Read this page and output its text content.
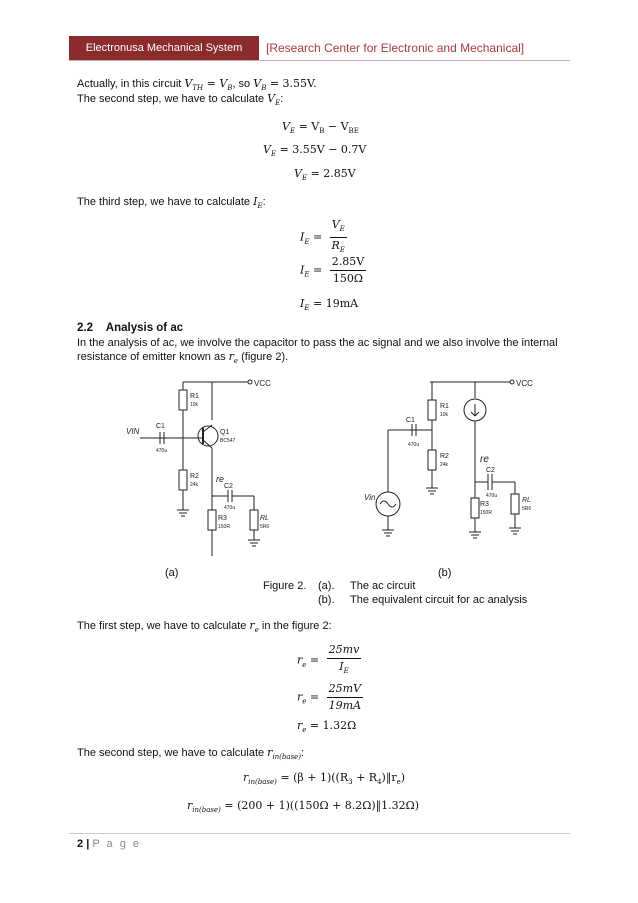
Electronusa Mechanical System	[Research Center for Electronic and Mechanical]
Actually, in this circuit $V_{TH} = V_B$, so $V_B = 3.55V$.
The second step, we have to calculate $V_E$:
$V_E = V_B - V_{BE}$
$V_E = 3.55V - 0.7V$
$V_E = 2.85V$
The third step, we have to calculate $I_E$:
$I_E = \frac{V_E}{R_E}$
$I_E = \frac{2.85V}{150\Omega}$
$I_E = 19mA$
2.2 Analysis of ac
In the analysis of ac, we involve the capacitor to pass the ac signal and we also involve the internal
resistance of emitter known as $r_e$ (figure 2).
VCC
VIN
C1
470u
R1
10k
Q1
BC547
R2
24k
re
C2
470u
R3
150R
RL
5R6
VCC
Vin
C1
470u
R1
10k
R2
24k	re
C2
470u
R3
150R
RL
5R6
(a)	(b)
Figure 2. (a). The ac circuit
(b). The equivalent circuit for ac analysis
The first step, we have to calculate $r_e$ in the figure 2:
$r_e = \frac{25mv}{I_E}$
$r_e = \frac{25mV}{19mA}$
$r_e = 1.32\Omega$
The second step, we have to calculate $r_{in(base)}$:
$r_{in(base)} = (\beta + 1)((R_3$ + $R_4)‖r_e$)
$r_{in(base)} = (200 + 1)((150\Omega$ + 8.2Ω)‖1.32Ω)
2 | P a g e
